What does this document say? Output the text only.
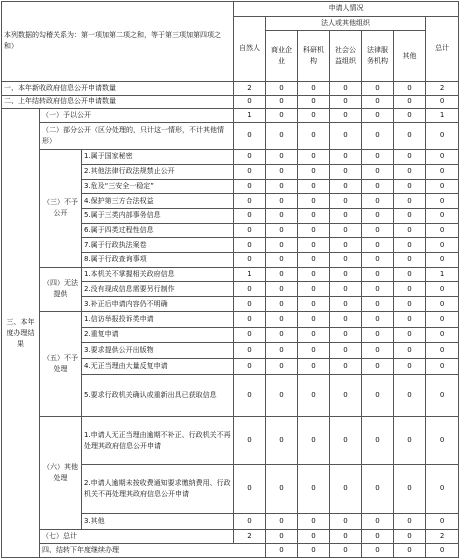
本列数据的勾稽关系为：第一项加第二项之和，等于第三项加第四项之和）			申请人情况							
			自然人	法人或其他组织					总计	
				商业企业	科研机构	社会公益组织	法律服务机构	其他		
一、本年新收政府信息公开申请数量			2	0	0	0	0	0	2	
二、上年结转政府信息公开申请数量			0	0	0	0	0	0	0	
三、本年度办理结果	（一）予以公开		1	0	0	0	0	0	1	
	（二）部分公开（区分处理的，只计这一情形，不计其他情形）		0	0	0	0	0	0	0	
	（三）不予公开	1.属于国家秘密	0	0	0	0	0	0	0	
		2.其他法律行政法规禁止公开	0	0	0	0	0	0	0	
		3.危及“三安全一稳定”	0	0	0	0	0	0	0	
		4.保护第三方合法权益	0	0	0	0	0	0	0	
		5.属于三类内部事务信息	0	0	0	0	0	0	0	
		6.属于四类过程性信息	0	0	0	0	0	0	0	
		7.属于行政执法案卷	0	0	0	0	0	0	0	
		8.属于行政查询事项	0	0	0	0	0	0	0	
	（四）无法提供	1.本机关不掌握相关政府信息	1	0	0	0	0	0	1	
		2.没有现成信息需要另行制作	0	0	0	0	0	0	0	
		3.补正后申请内容仍不明确	0	0	0	0	0	0	0	
	（五）不予处理	1.信访举报投诉类申请	0	0	0	0	0	0	0	
		2.重复申请	0	0	0	0	0	0	0	
		3.要求提供公开出版物	0	0	0	0	0	0	0	
		4.无正当理由大量反复申请	0	0	0	0	0	0	0	
		5.要求行政机关确认或重新出具已获取信息	0	0	0	0	0	0	0	
	（六）其他处理	1.申请人无正当理由逾期不补正、行政机关不再处理其政府信息公开申请	0	0	0	0	0	0	0	
		2.申请人逾期未按收费通知要求缴纳费用、行政机关不再处理其政府信息公开申请	0	0	0	0	0	0	0	
		3.其他	0	0	0	0	0	0	0	
	（七）总计		2	0	0	0	0	0	2	
	四、结转下年度继续办理			0	0	0	0	0	0	
